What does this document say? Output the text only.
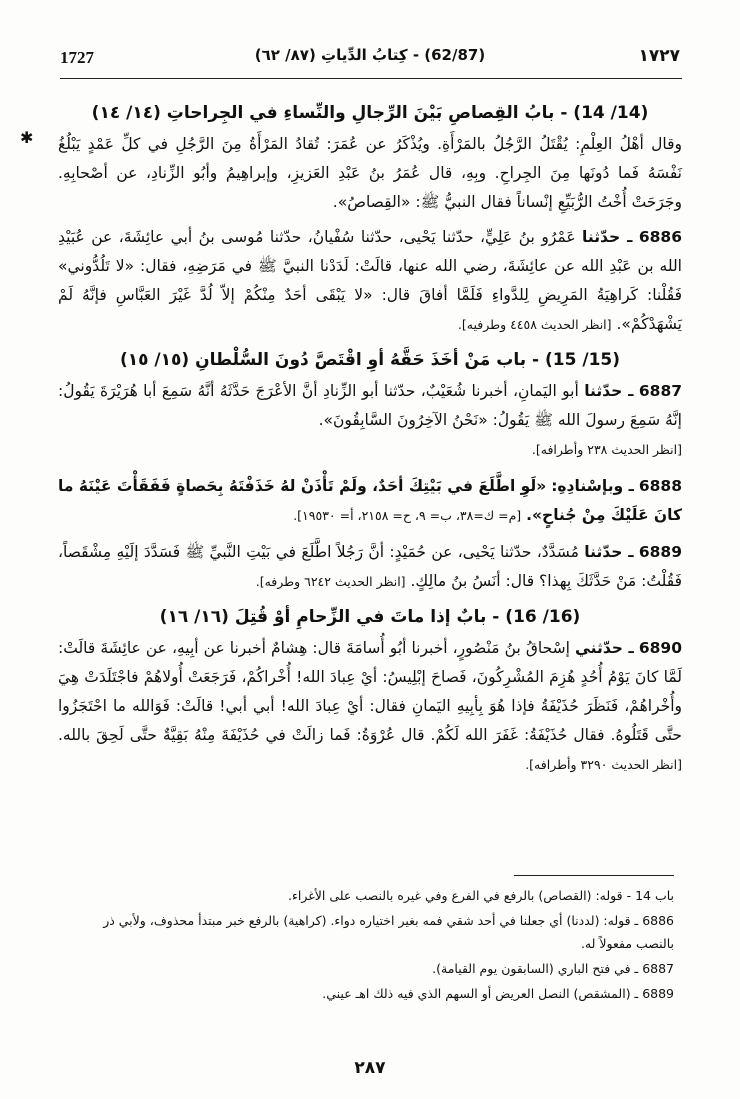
1727	(62/87) - كِتابُ الدِّياتِ (٨٧/ ٦٢)	١٧٢٧
✱

(14/ 14) - بابُ القِصاصِ بَيْنَ الرِّجالِ والنِّساءِ في الجِراحاتِ (١٤/ ١٤)

وقال أهْلُ العِلْمِ: يُقْتَلُ الرَّجُلُ بالمَرْأَةِ. ويُذْكَرُ عن عُمَرَ: تُقادُ المَرْأَةُ مِنَ الرَّجُلِ في كلِّ عَمْدٍ يَبْلُغُ نَفْسَهُ فَما دُونَها مِنَ الجِراحِ. وبِهِ، قال عُمَرُ بنُ عَبْدِ العَزيزِ، وإبراهِيمُ وأبُو الزِّنادِ، عن أصْحابِهِ. وجَرَحَتْ أُخْتُ الرُّبَيِّعِ إنْساناً فقال النبيُّ ﷺ: «القِصاصُ».

6886 ـ حدّثنا عَمْرُو بنُ عَلِيٍّ، حدّثنا يَحْيى، حدّثنا سُفْيانُ، حدّثنا مُوسى بنُ أبي عائِشَةَ، عن عُبَيْدِ الله بن عَبْدِ الله عن عائِشَةَ، رضي الله عنها، قالَتْ: لَدَدْنا النبيَّ ﷺ في مَرَضِهِ، فقال: «لا تَلُدُّوني» فَقُلْنا: كَراهِيَةُ المَرِيضِ لِلدَّواءِ فَلَمَّا أفاقَ قال: «لا يَبْقَى أحَدٌ مِنْكُمْ إلاّ لُدَّ غَيْرَ العَبَّاسِ فإنَّهُ لَمْ يَشْهَدْكُمْ». [انظر الحديث ٤٤٥٨ وطرفيه].

(15/ 15) - باب مَنْ أخَذَ حَقَّهُ أوِ اقْتَصَّ دُونَ السُّلْطانِ (١٥/ ١٥)

6887 ـ حدّثنا أبو اليَمانِ، أخبرنا شُعَيْبٌ، حدّثنا أبو الزِّنادِ أنَّ الأعْرَجَ حَدَّثَهُ أنَّهُ سَمِعَ أبا هُرَيْرَةَ يَقُولُ: إنَّهُ سَمِعَ رسولَ الله ﷺ يَقُولُ: «نَحْنُ الآخِرُونَ السَّابِقُونَ».

[انظر الحديث ٢٣٨ وأطرافه].

6888 ـ وبإسْنادِهِ: «لَوِ اطَّلَعَ في بَيْتِكَ أحَدٌ، ولَمْ تَأْذَنْ لهُ خَذَفْتَهُ بِحَصاةٍ فَفَقَأْتَ عَيْنَهُ ما كانَ عَلَيْكَ مِنْ جُناحٍ». [م= ك=٣٨، ب= ٩، ح= ٢١٥٨، أ= ١٩٥٣٠].

6889 ـ حدّثنا مُسَدَّدٌ، حدّثنا يَحْيى، عن حُمَيْدٍ: أنَّ رَجُلاً اطَّلَعَ في بَيْتِ النَّبيِّ ﷺ فَسَدَّدَ إلَيْهِ مِشْقَصاً، فَقُلْتُ: مَنْ حَدَّثَكَ بِهذا؟ قال: أنَسُ بنُ مالِكٍ. [انظر الحديث ٦٢٤٢ وطرفه].

(16/ 16) - بابٌ إذا ماتَ في الزِّحامِ أوْ قُتِلَ (١٦/ ١٦)

6890 ـ حدّثني إسْحاقُ بنُ مَنْصُورٍ، أخبرنا أبُو أُسامَةَ قال: هِشامٌ أخبرنا عن أبِيهِ، عن عائِشَةَ قالَتْ: لَمَّا كانَ يَوْمُ أُحُدٍ هُزِمَ المُشْرِكُونَ، فَصاحَ إبْلِيسُ: أيْ عِبادَ الله! أُخْراكُمْ، فَرَجَعَتْ أُولاهُمْ فاجْتَلَدَتْ هِيَ وأُخْراهُمْ، فَنَظَرَ حُذَيْفَةُ فإذا هُوَ بِأبِيهِ اليَمانِ فقال: أيْ عِبادَ الله! أبي أبي! قالَتْ: فَوَالله ما احْتَجَزُوا حتَّى قَتَلُوهُ. فقال حُذَيْفَةُ: غَفَرَ الله لَكُمْ. قال عُرْوَةُ: فَما زالَتْ في حُذَيْفَةَ مِنْهُ بَقِيَّةٌ حتَّى لَحِقَ بالله. [انظر الحديث ٣٢٩٠ وأطرافه].

باب 14 - قوله: (القصاص) بالرفع في الفرع وفي غيره بالنصب على الأغراء.

6886 ـ قوله: (لددنا) أي جعلنا في أحد شقي فمه بغير اختياره دواء. (كراهية) بالرفع خبر مبتدأ محذوف، ولأبي ذر بالنصب مفعولاً له.

6887 ـ في فتح الباري (السابقون يوم القيامة).

6889 ـ (المشقص) النصل العريض أو السهم الذي فيه ذلك اهـ عيني.

٢٨٧
